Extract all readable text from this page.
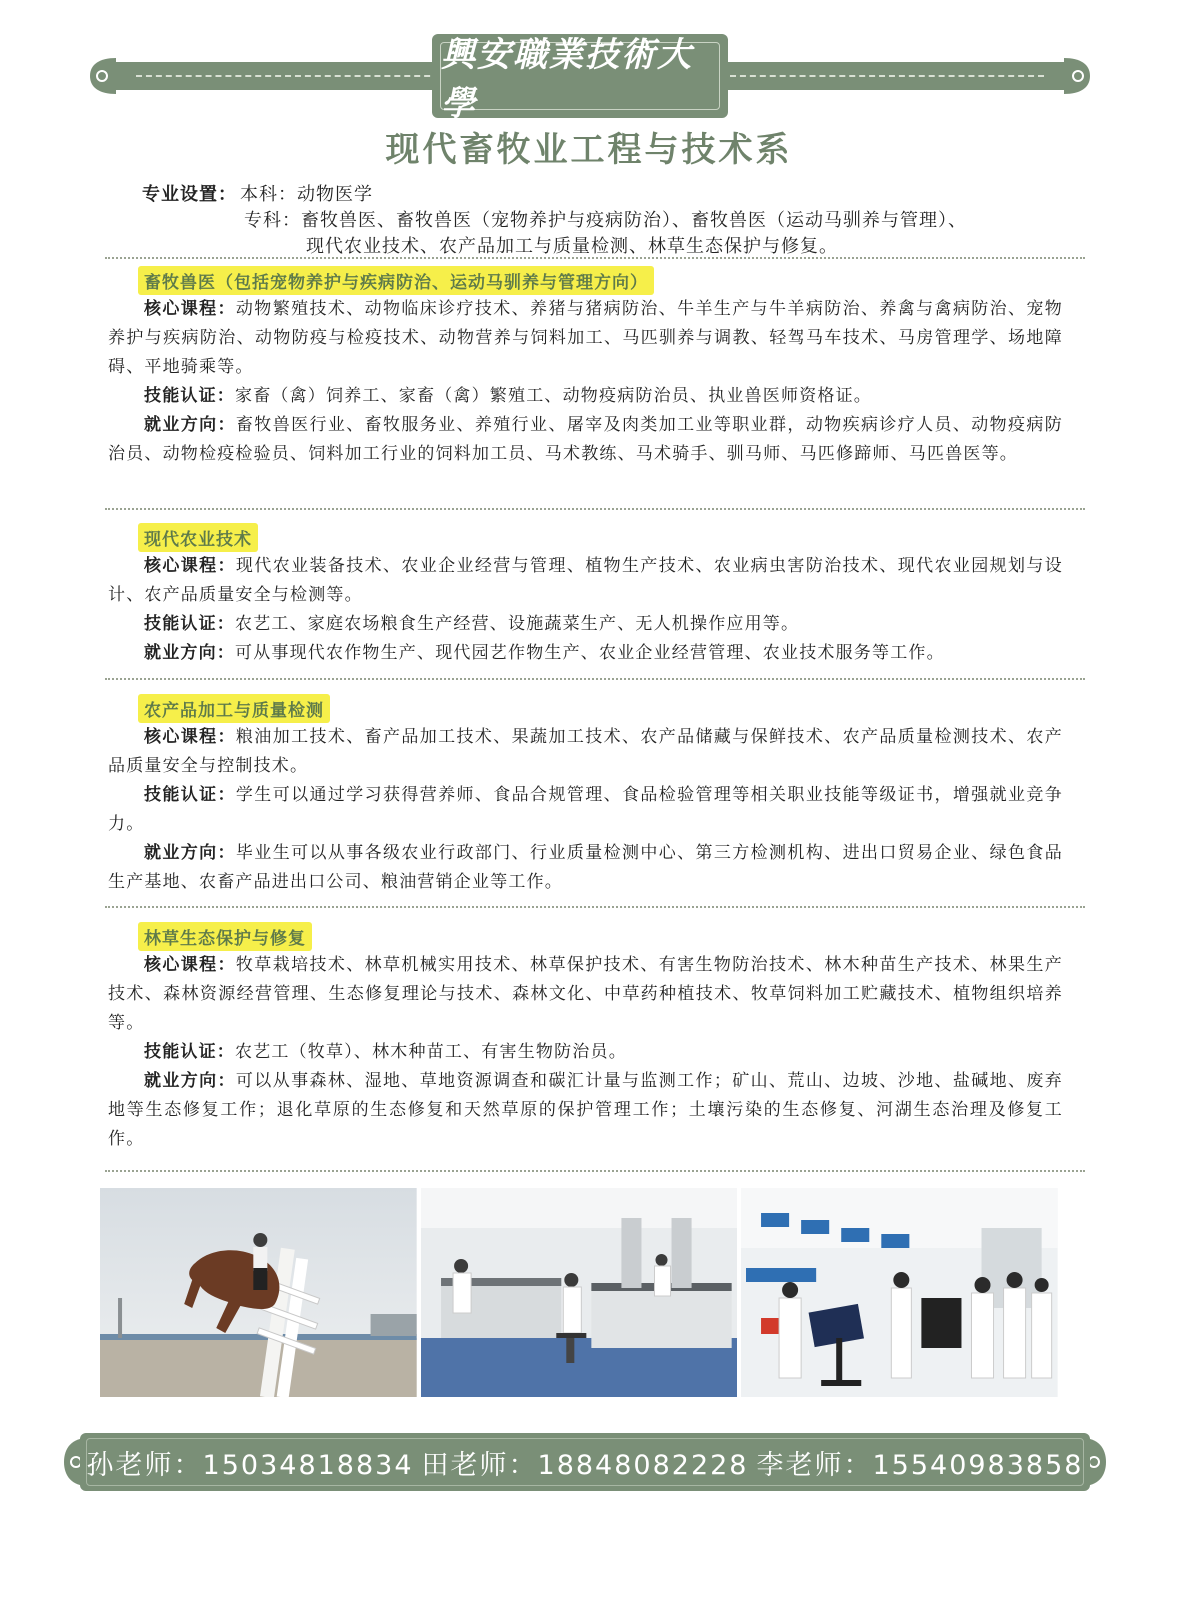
興安職業技術大學
现代畜牧业工程与技术系
专业设置： 本科： 动物医学
专科： 畜牧兽医、畜牧兽医（宠物养护与疫病防治）、畜牧兽医（运动马驯养与管理）、
现代农业技术、农产品加工与质量检测、林草生态保护与修复。
畜牧兽医（包括宠物养护与疾病防治、运动马驯养与管理方向）

核心课程：动物繁殖技术、动物临床诊疗技术、养猪与猪病防治、牛羊生产与牛羊病防治、养禽与禽病防治、宠物养护与疾病防治、动物防疫与检疫技术、动物营养与饲料加工、马匹驯养与调教、轻驾马车技术、马房管理学、场地障碍、平地骑乘等。

技能认证：家畜（禽）饲养工、家畜（禽）繁殖工、动物疫病防治员、执业兽医师资格证。

就业方向：畜牧兽医行业、畜牧服务业、养殖行业、屠宰及肉类加工业等职业群，动物疾病诊疗人员、动物疫病防治员、动物检疫检验员、饲料加工行业的饲料加工员、马术教练、马术骑手、驯马师、马匹修蹄师、马匹兽医等。

现代农业技术

核心课程：现代农业装备技术、农业企业经营与管理、植物生产技术、农业病虫害防治技术、现代农业园规划与设计、农产品质量安全与检测等。

技能认证：农艺工、家庭农场粮食生产经营、设施蔬菜生产、无人机操作应用等。

就业方向：可从事现代农作物生产、现代园艺作物生产、农业企业经营管理、农业技术服务等工作。

农产品加工与质量检测

核心课程：粮油加工技术、畜产品加工技术、果蔬加工技术、农产品储藏与保鲜技术、农产品质量检测技术、农产品质量安全与控制技术。

技能认证：学生可以通过学习获得营养师、食品合规管理、食品检验管理等相关职业技能等级证书，增强就业竞争力。

就业方向：毕业生可以从事各级农业行政部门、行业质量检测中心、第三方检测机构、进出口贸易企业、绿色食品生产基地、农畜产品进出口公司、粮油营销企业等工作。

林草生态保护与修复

核心课程：牧草栽培技术、林草机械实用技术、林草保护技术、有害生物防治技术、林木种苗生产技术、林果生产技术、森林资源经营管理、生态修复理论与技术、森林文化、中草药种植技术、牧草饲料加工贮藏技术、植物组织培养等。

技能认证：农艺工（牧草）、林木种苗工、有害生物防治员。

就业方向：可以从事森林、湿地、草地资源调查和碳汇计量与监测工作；矿山、荒山、边坡、沙地、盐碱地、废弃地等生态修复工作；退化草原的生态修复和天然草原的保护管理工作；土壤污染的生态修复、河湖生态治理及修复工作。

孙老师：15034818834 田老师：18848082228 李老师：15540983858
